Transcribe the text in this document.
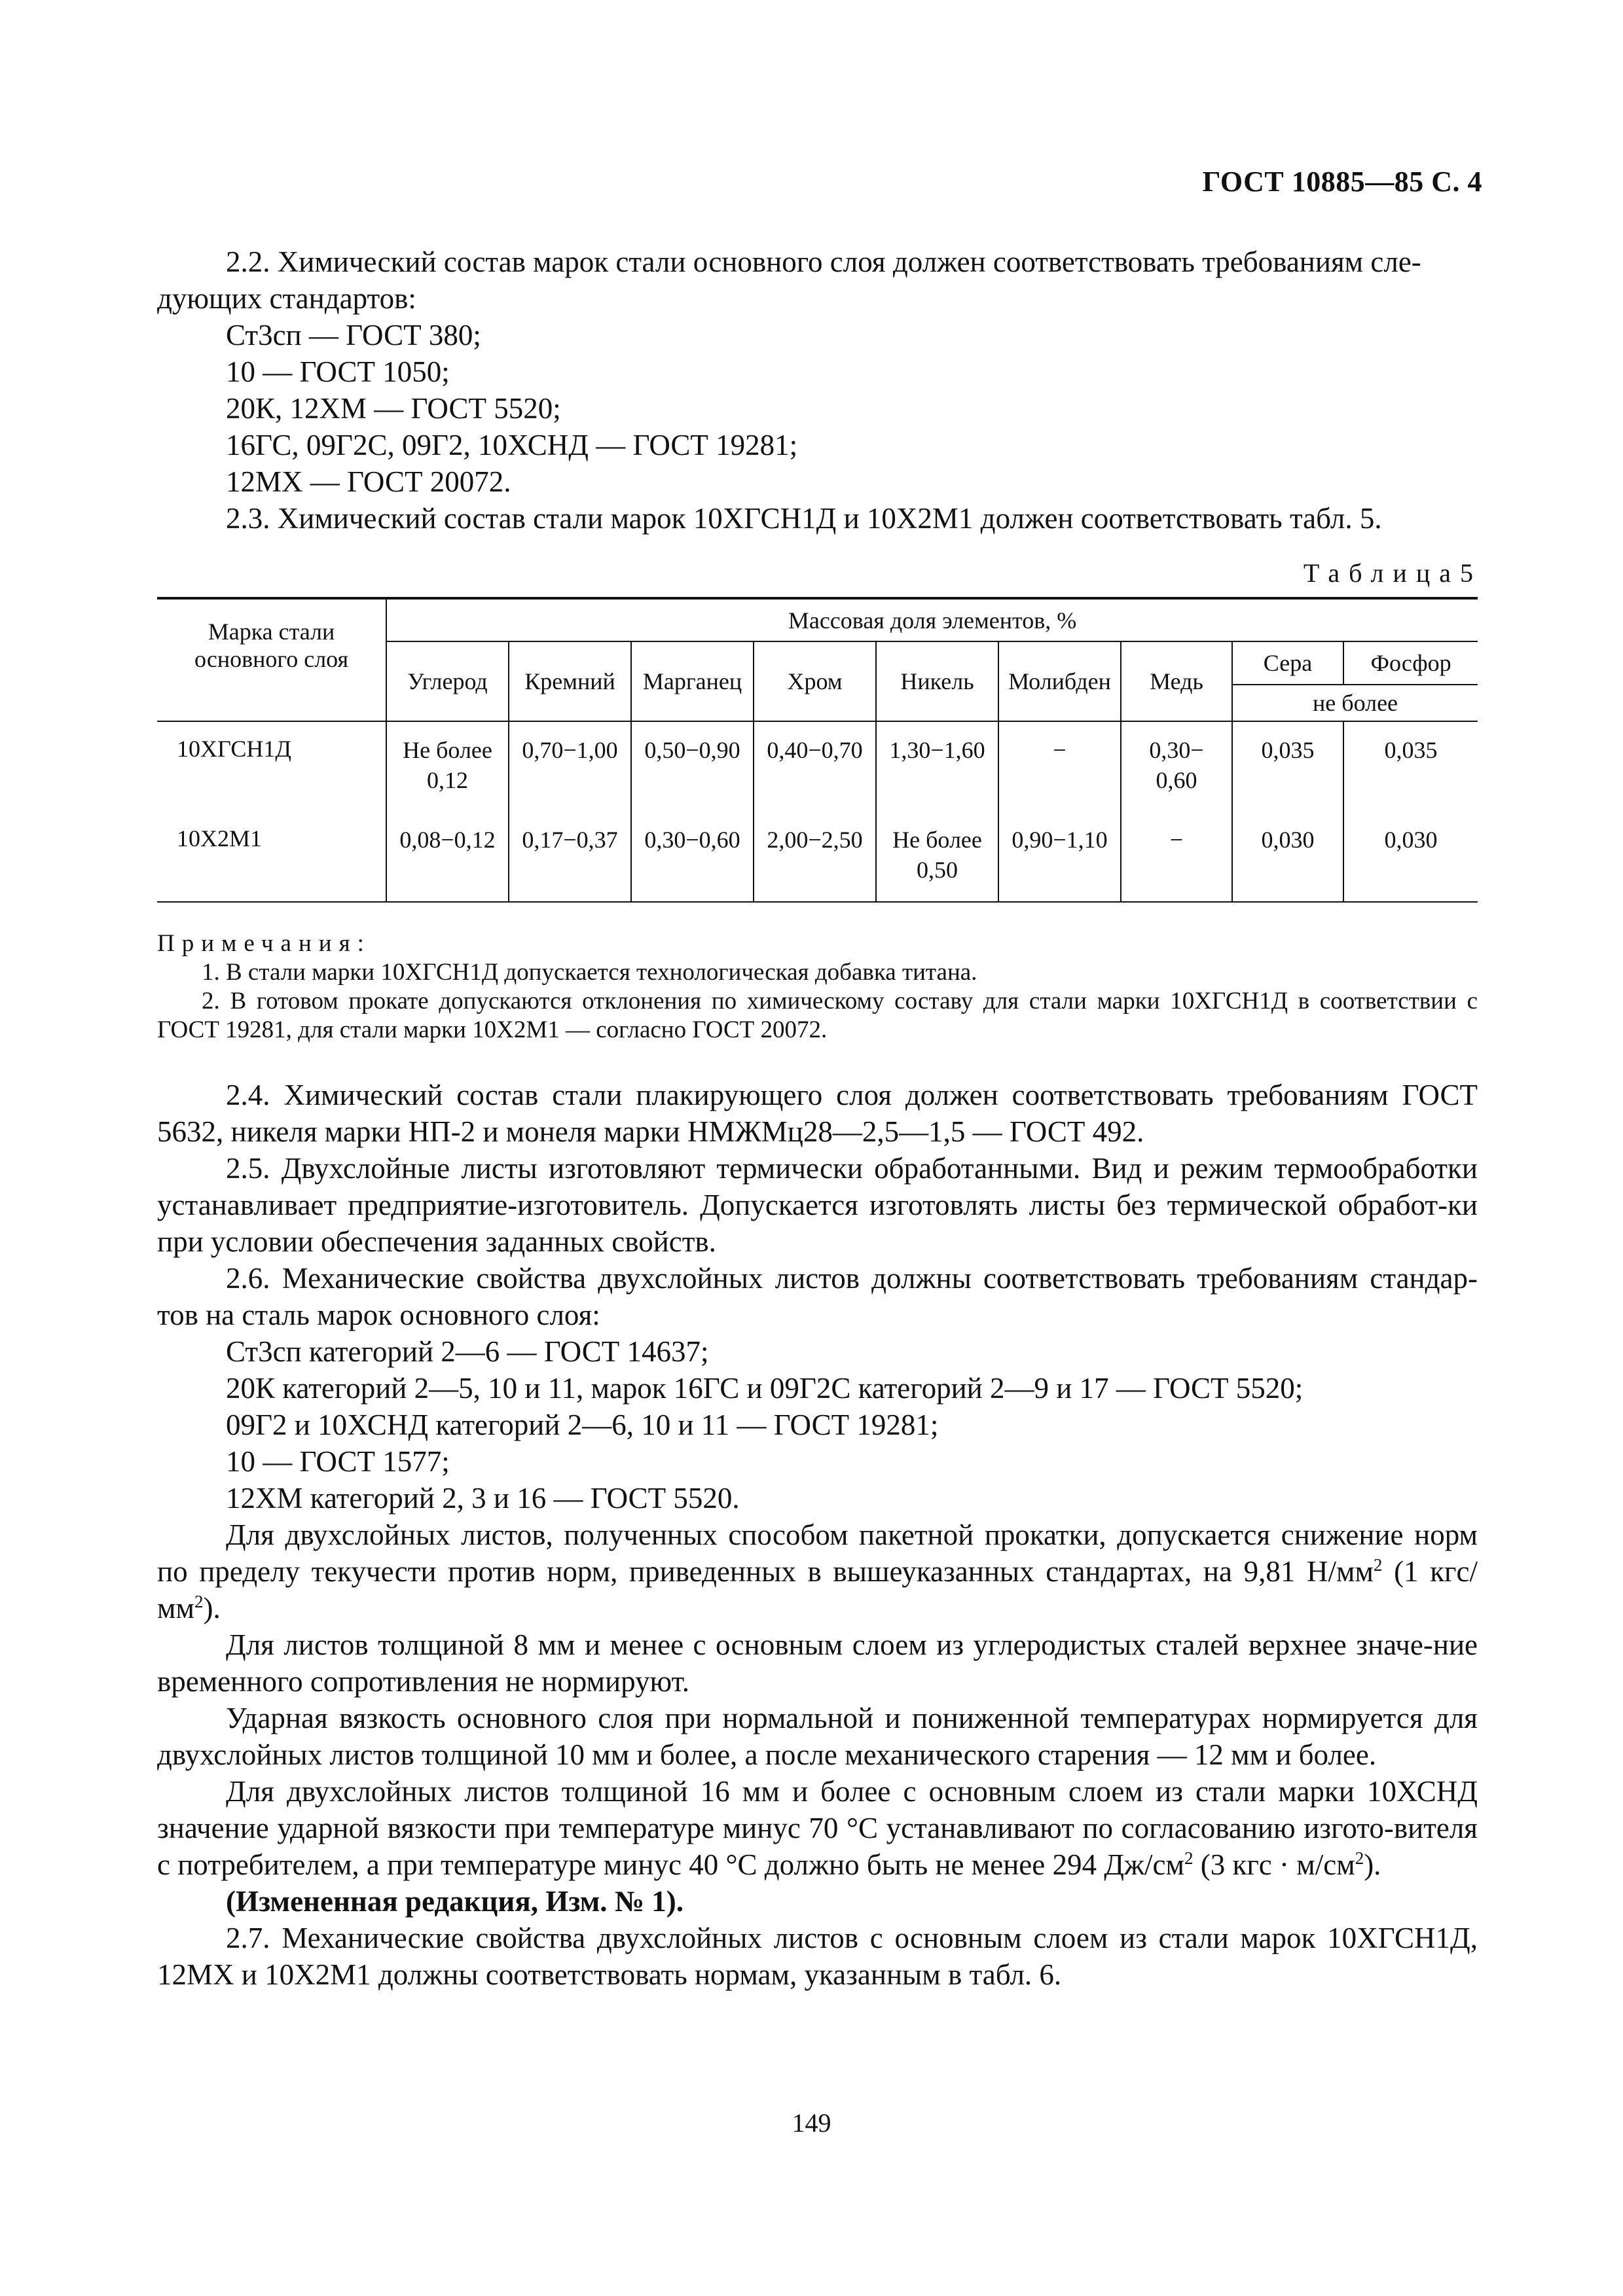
ГОСТ 10885—85 С. 4

2.2. Химический состав марок стали основного слоя должен соответствовать требованиям сле-
дующих стандартов:

Ст3сп — ГОСТ 380;

10 — ГОСТ 1050;

20К, 12ХМ — ГОСТ 5520;

16ГС, 09Г2С, 09Г2, 10ХСНД — ГОСТ 19281;

12МХ — ГОСТ 20072.

2.3. Химический состав стали марок 10ХГСН1Д и 10Х2М1 должен соответствовать табл. 5.

Таблица5
Марка стали основного слоя	Массовая доля элементов, %								
	Углерод	Кремний	Марганец	Хром	Никель	Молибден	Медь	Сера	Фосфор
								не более	
10ХГСН1Д	Не более 0,12	0,70−1,00	0,50−0,90	0,40−0,70	1,30−1,60	−	0,30− 0,60	0,035	0,035
10Х2М1	0,08−0,12	0,17−0,37	0,30−0,60	2,00−2,50	Не более 0,50	0,90−1,10	−	0,030	0,030

Примечания:

1. В стали марки 10ХГСН1Д допускается технологическая добавка титана.

2. В готовом прокате допускаются отклонения по химическому составу для стали марки 10ХГСН1Д в соответствии с ГОСТ 19281, для стали марки 10Х2М1 — согласно ГОСТ 20072.

2.4. Химический состав стали плакирующего слоя должен соответствовать требованиям ГОСТ 5632, никеля марки НП-2 и монеля марки НМЖМц28—2,5—1,5 — ГОСТ 492.

2.5. Двухслойные листы изготовляют термически обработанными. Вид и режим термообработки устанавливает предприятие-изготовитель. Допускается изготовлять листы без термической обработ-ки при условии обеспечения заданных свойств.

2.6. Механические свойства двухслойных листов должны соответствовать требованиям стандар-тов на сталь марок основного слоя:

Ст3сп категорий 2—6 — ГОСТ 14637;

20К категорий 2—5, 10 и 11, марок 16ГС и 09Г2С категорий 2—9 и 17 — ГОСТ 5520;

09Г2 и 10ХСНД категорий 2—6, 10 и 11 — ГОСТ 19281;

10 — ГОСТ 1577;

12ХМ категорий 2, 3 и 16 — ГОСТ 5520.

Для двухслойных листов, полученных способом пакетной прокатки, допускается снижение норм по пределу текучести против норм, приведенных в вышеуказанных стандартах, на 9,81 $Н/мм^2$ (1 кгс/$мм^2$).

Для листов толщиной 8 мм и менее с основным слоем из углеродистых сталей верхнее значе-ние временного сопротивления не нормируют.

Ударная вязкость основного слоя при нормальной и пониженной температурах нормируется для двухслойных листов толщиной 10 мм и более, а после механического старения — 12 мм и более.

Для двухслойных листов толщиной 16 мм и более с основным слоем из стали марки 10ХСНД значение ударной вязкости при температуре минус 70 °С устанавливают по согласованию изгото-вителя с потребителем, а при температуре минус 40 °С должно быть не менее 294 $Дж/см^2$ (3 кгс · $м/см^2$).

(Измененная редакция, Изм. № 1).

2.7. Механические свойства двухслойных листов с основным слоем из стали марок 10ХГСН1Д, 12МХ и 10Х2М1 должны соответствовать нормам, указанным в табл. 6.

149
